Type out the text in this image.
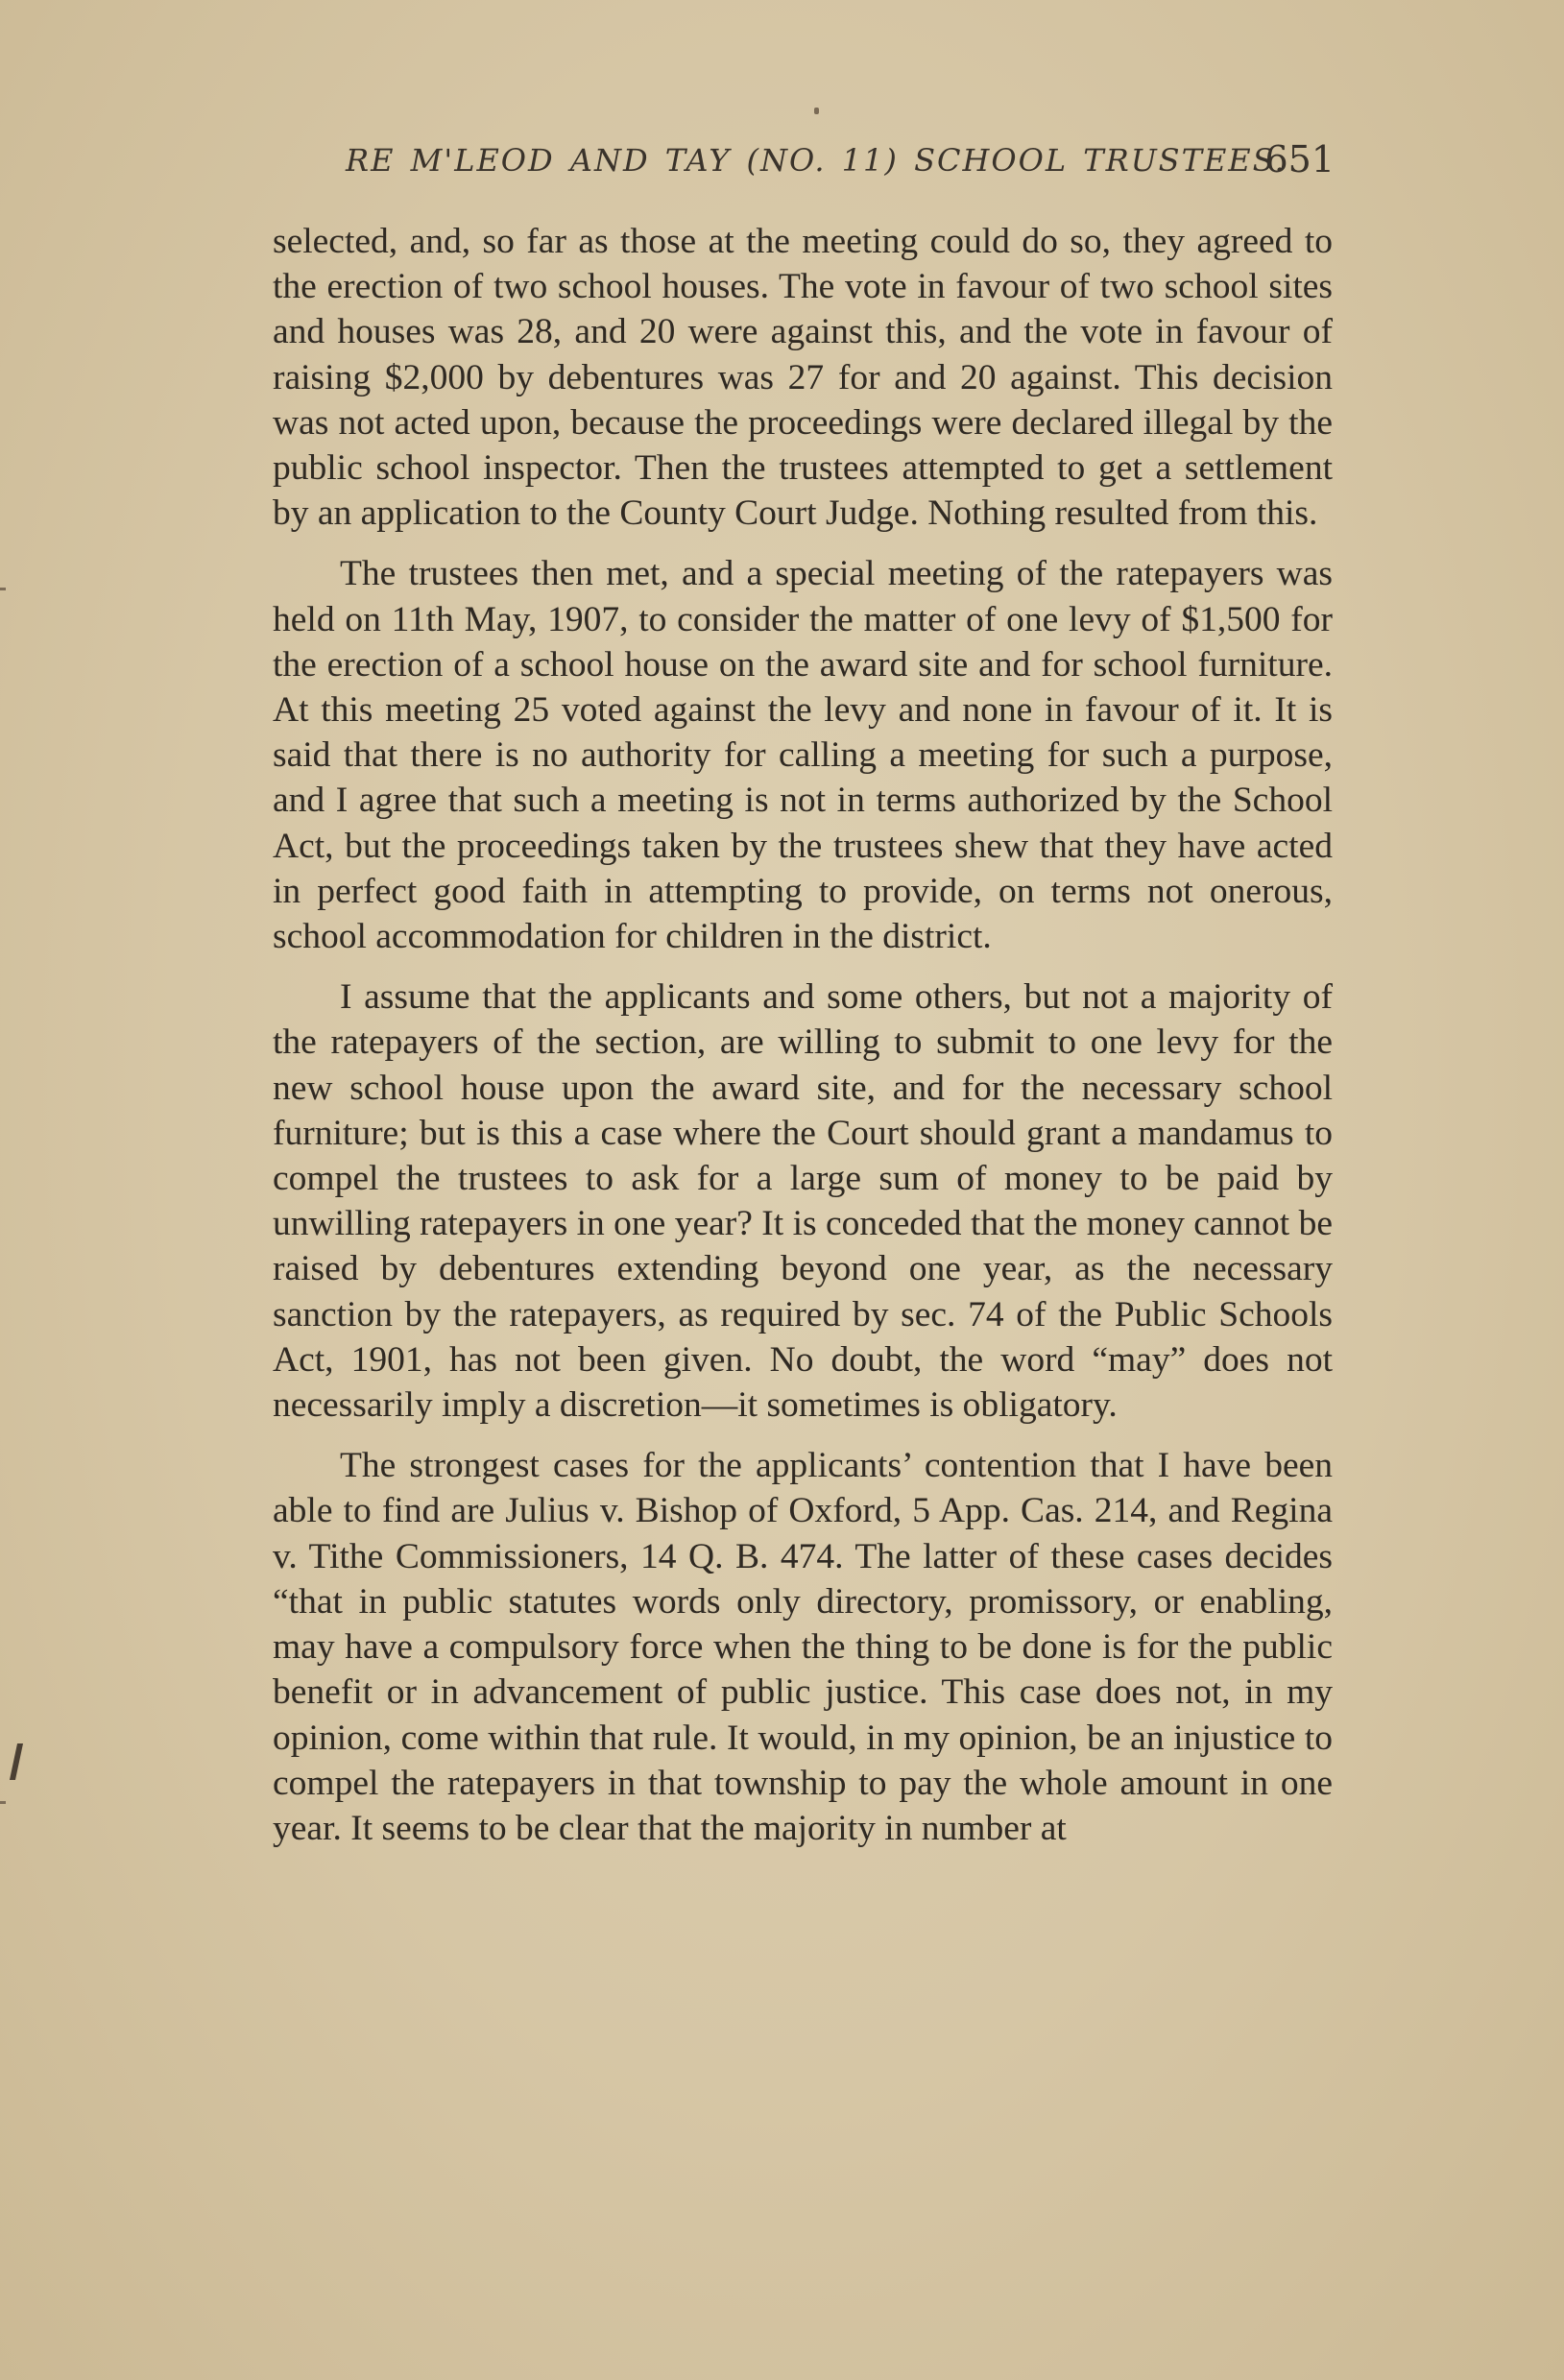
RE M'LEOD AND TAY (NO. 11) SCHOOL TRUSTEES.
651

selected, and, so far as those at the meeting could do so, they agreed to the erection of two school houses. The vote in favour of two school sites and houses was 28, and 20 were against this, and the vote in favour of raising $2,000 by debentures was 27 for and 20 against. This decision was not acted upon, because the proceedings were declared illegal by the public school inspector. Then the trustees attempted to get a settlement by an application to the County Court Judge. Nothing resulted from this.

The trustees then met, and a special meeting of the ratepayers was held on 11th May, 1907, to consider the matter of one levy of $1,500 for the erection of a school house on the award site and for school furniture. At this meeting 25 voted against the levy and none in favour of it. It is said that there is no authority for calling a meeting for such a purpose, and I agree that such a meeting is not in terms authorized by the School Act, but the proceedings taken by the trustees shew that they have acted in perfect good faith in attempting to provide, on terms not onerous, school accommodation for children in the district.

I assume that the applicants and some others, but not a majority of the ratepayers of the section, are willing to submit to one levy for the new school house upon the award site, and for the necessary school furniture; but is this a case where the Court should grant a mandamus to compel the trustees to ask for a large sum of money to be paid by unwilling ratepayers in one year? It is conceded that the money cannot be raised by debentures extending beyond one year, as the necessary sanction by the ratepayers, as required by sec. 74 of the Public Schools Act, 1901, has not been given. No doubt, the word “may” does not necessarily imply a discretion—it sometimes is obligatory.

The strongest cases for the applicants’ contention that I have been able to find are Julius v. Bishop of Oxford, 5 App. Cas. 214, and Regina v. Tithe Commissioners, 14 Q. B. 474. The latter of these cases decides “that in public statutes words only directory, promissory, or enabling, may have a compulsory force when the thing to be done is for the public benefit or in advancement of public justice. This case does not, in my opinion, come within that rule. It would, in my opinion, be an injustice to compel the ratepayers in that township to pay the whole amount in one year. It seems to be clear that the majority in number at
